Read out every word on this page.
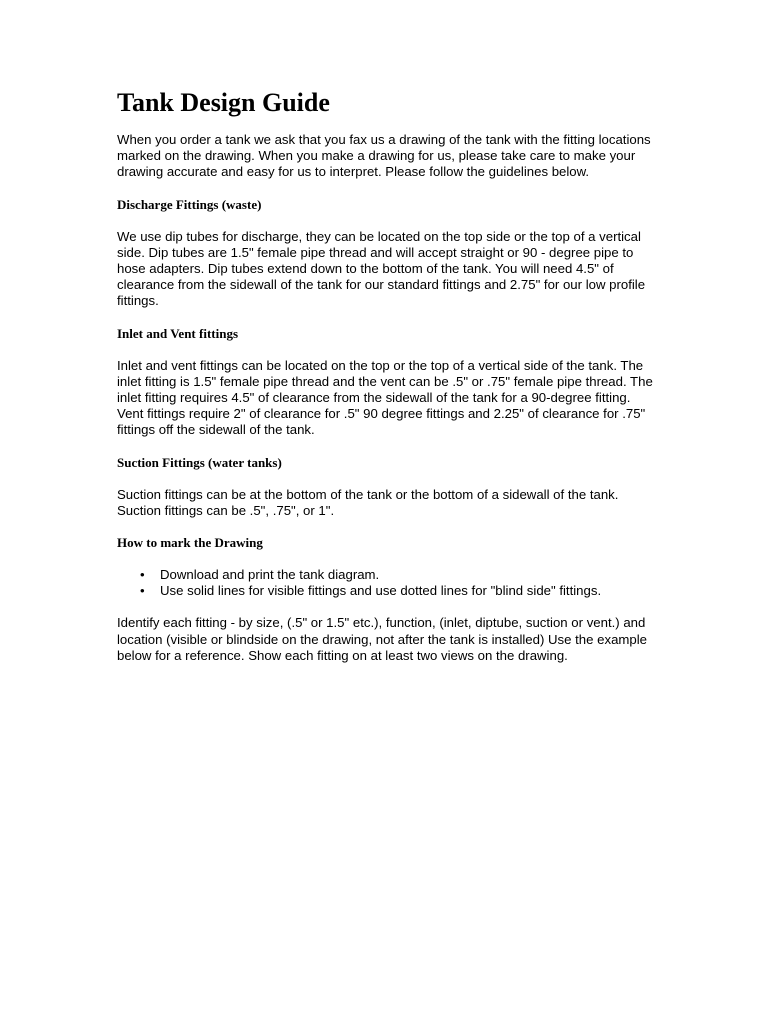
Tank Design Guide

When you order a tank we ask that you fax us a drawing of the tank with the fitting locations marked on the drawing. When you make a drawing for us, please take care to make your drawing accurate and easy for us to interpret. Please follow the guidelines below.

Discharge Fittings (waste)

We use dip tubes for discharge, they can be located on the top side or the top of a vertical side. Dip tubes are 1.5" female pipe thread and will accept straight or 90 - degree pipe to hose adapters. Dip tubes extend down to the bottom of the tank. You will need 4.5" of clearance from the sidewall of the tank for our standard fittings and 2.75" for our low profile fittings.

Inlet and Vent fittings

Inlet and vent fittings can be located on the top or the top of a vertical side of the tank. The inlet fitting is 1.5" female pipe thread and the vent can be .5" or .75" female pipe thread. The inlet fitting requires 4.5" of clearance from the sidewall of the tank for a 90-degree fitting. Vent fittings require 2" of clearance for .5" 90 degree fittings and 2.25" of clearance for .75" fittings off the sidewall of the tank.

Suction Fittings (water tanks)

Suction fittings can be at the bottom of the tank or the bottom of a sidewall of the tank. Suction fittings can be .5", .75", or 1".

How to mark the Drawing
• Download and print the tank diagram.
• Use solid lines for visible fittings and use dotted lines for "blind side" fittings.

Identify each fitting - by size, (.5" or 1.5" etc.), function, (inlet, diptube, suction or vent.) and location (visible or blindside on the drawing, not after the tank is installed) Use the example below for a reference. Show each fitting on at least two views on the drawing.
